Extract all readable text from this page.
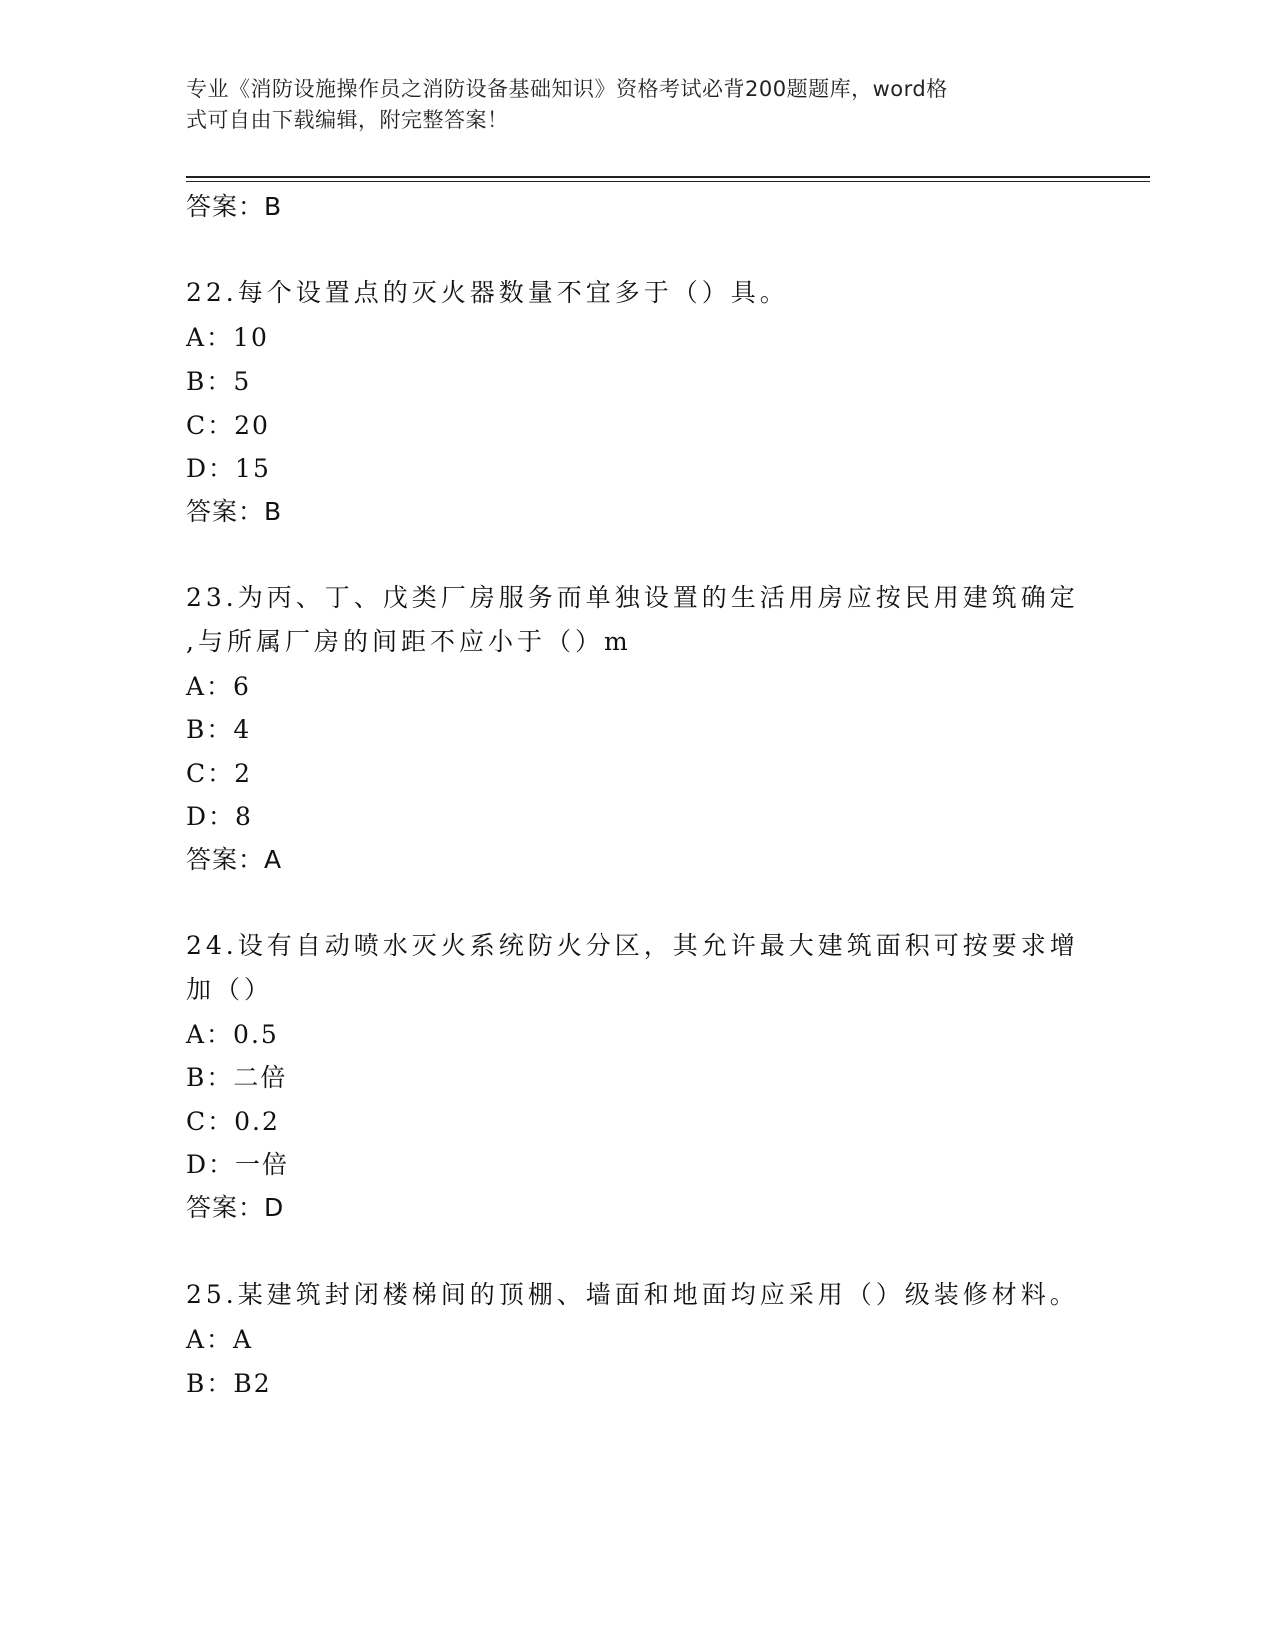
专业《消防设施操作员之消防设备基础知识》资格考试必背200题题库，word格
式可自由下载编辑，附完整答案！
答案：B
22.每个设置点的灭火器数量不宜多于（）具。
A：10
B：5
C：20
D：15
答案：B
23.为丙、丁、戊类厂房服务而单独设置的生活用房应按民用建筑确定
,与所属厂房的间距不应小于（）m
A：6
B：4
C：2
D：8
答案：A
24.设有自动喷水灭火系统防火分区，其允许最大建筑面积可按要求增
加（）
A：0.5
B：二倍
C：0.2
D：一倍
答案：D
25.某建筑封闭楼梯间的顶棚、墙面和地面均应采用（）级装修材料。
A：A
B：B2
